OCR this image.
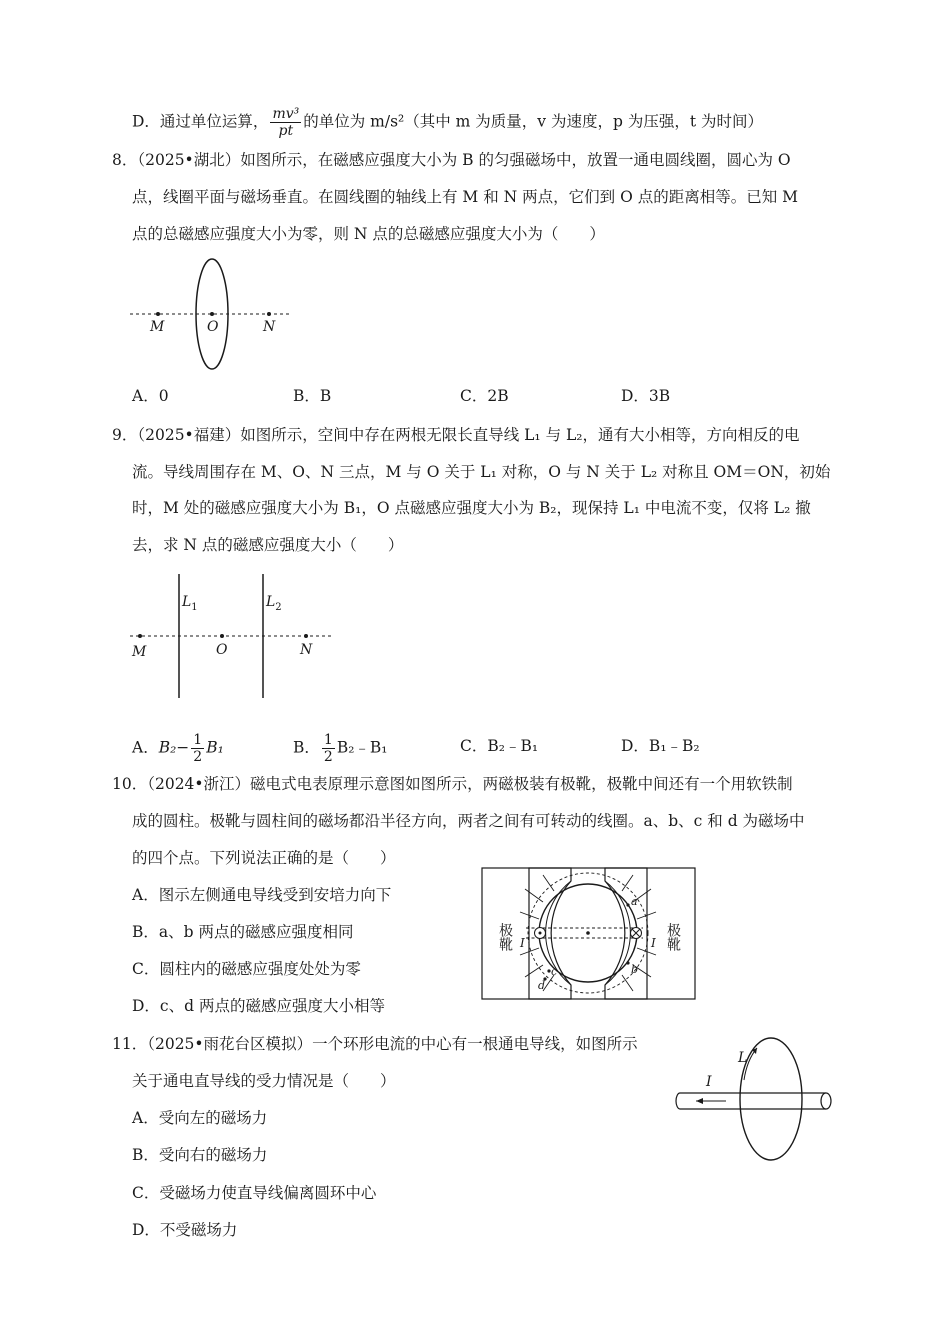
D．通过单位运算， $\frac{\text{mv³}}{pt}$ 的单位为 m/s²（其中 m 为质量，v 为速度，p 为压强，t 为时间）
8．（2025•湖北）如图所示，在磁感应强度大小为 B 的匀强磁场中，放置一通电圆线圈，圆心为 O
点，线圈平面与磁场垂直。在圆线圈的轴线上有 M 和 N 两点，它们到 O 点的距离相等。已知 M
点的总磁感应强度大小为零，则 N 点的总磁感应强度大小为（　　）
M	O	N
A．0	B．B	C．2B	D．3B
9．（2025•福建）如图所示，空间中存在两根无限长直导线 L₁ 与 L₂，通有大小相等，方向相反的电
流。导线周围存在 M、O、N 三点，M 与 O 关于 L₁ 对称，O 与 N 关于 L₂ 对称且 OM＝ON，初始
时，M 处的磁感应强度大小为 B₁，O 点磁感应强度大小为 B₂，现保持 L₁ 中电流不变，仅将 L₂ 撤
去，求 N 点的磁感应强度大小（　　）
$L_1$	$L_2$
M	O	N
A．$B_2- \frac{1}{2} B_1$	B． $\frac{1}{2}$ B₂﹣B₁	C．B₂﹣B₁	D．B₁﹣B₂
10．（2024•浙江）磁电式电表原理示意图如图所示，两磁极装有极靴，极靴中间还有一个用软铁制
成的圆柱。极靴与圆柱间的磁场都沿半径方向，两者之间有可转动的线圈。a、b、c 和 d 为磁场中
的四个点。下列说法正确的是（　　）
A．图示左侧通电导线受到安培力向下
B．a、b 两点的磁感应强度相同
C．圆柱内的磁感应强度处处为零
D．c、d 两点的磁感应强度大小相等
a
b
c
d
I	I
极靴	极靴
11．（2025•雨花台区模拟）一个环形电流的中心有一根通电导线，如图所示
关于通电直导线的受力情况是（　　）
A．受向左的磁场力
B．受向右的磁场力
C．受磁场力使直导线偏离圆环中心
D．不受磁场力
I
L
